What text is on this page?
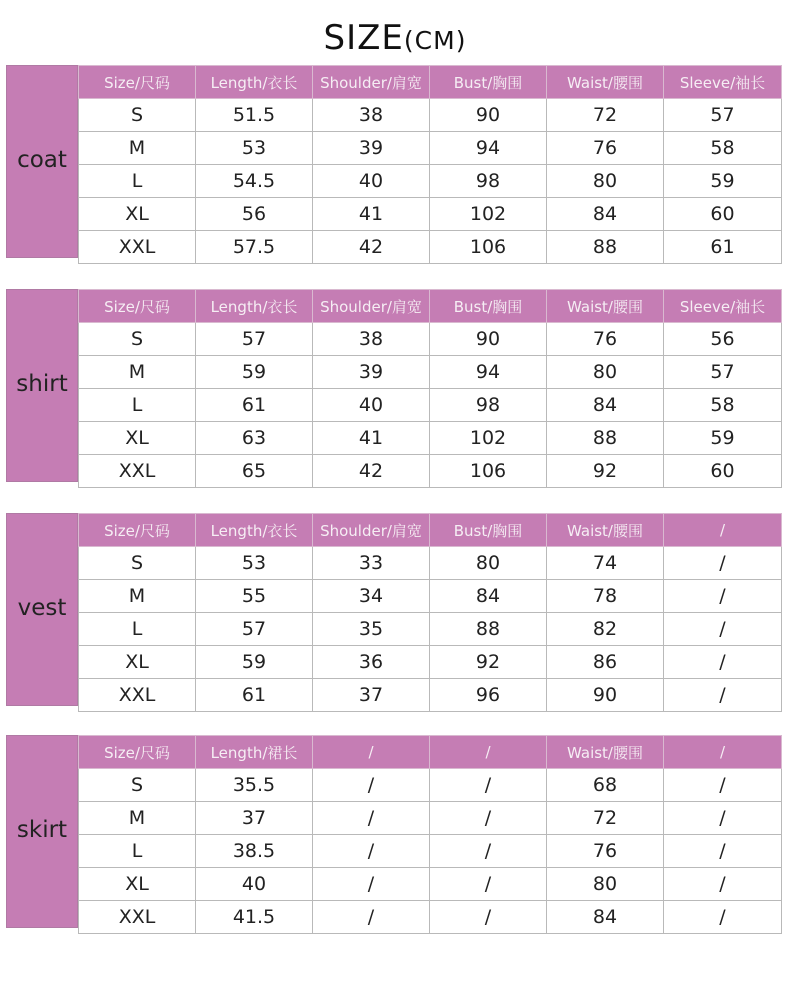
SIZE(CM)
coat
Size/尺码	Length/衣长	Shoulder/肩宽	Bust/胸围	Waist/腰围	Sleeve/袖长
S	51.5	38	90	72	57
M	53	39	94	76	58
L	54.5	40	98	80	59
XL	56	41	102	84	60
XXL	57.5	42	106	88	61
shirt
Size/尺码	Length/衣长	Shoulder/肩宽	Bust/胸围	Waist/腰围	Sleeve/袖长
S	57	38	90	76	56
M	59	39	94	80	57
L	61	40	98	84	58
XL	63	41	102	88	59
XXL	65	42	106	92	60
vest
Size/尺码	Length/衣长	Shoulder/肩宽	Bust/胸围	Waist/腰围	/
S	53	33	80	74	/
M	55	34	84	78	/
L	57	35	88	82	/
XL	59	36	92	86	/
XXL	61	37	96	90	/
skirt
Size/尺码	Length/裙长	/	/	Waist/腰围	/
S	35.5	/	/	68	/
M	37	/	/	72	/
L	38.5	/	/	76	/
XL	40	/	/	80	/
XXL	41.5	/	/	84	/
